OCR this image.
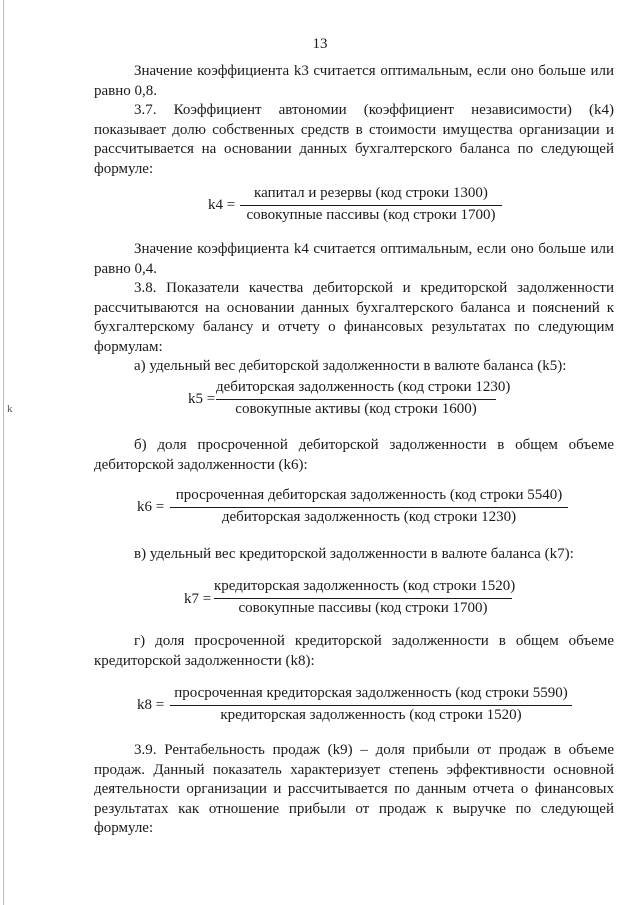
k
13

Значение коэффициента k3 считается оптимальным, если оно больше или равно 0,8.

3.7. Коэффициент автономии (коэффициент независимости) (k4) показывает долю собственных средств в стоимости имущества организации и рассчитывается на основании данных бухгалтерского баланса по следующей формуле:

k4 =
капитал и резервы (код строки 1300)
совокупные пассивы (код строки 1700)

Значение коэффициента k4 считается оптимальным, если оно больше или равно 0,4.

3.8. Показатели качества дебиторской и кредиторской задолженности рассчитываются на основании данных бухгалтерского баланса и пояснений к бухгалтерскому балансу и отчету о финансовых результатах по следующим формулам:

а) удельный вес дебиторской задолженности в валюте баланса (k5):

k5 =
дебиторская задолженность (код строки 1230)
совокупные активы (код строки 1600)

б) доля просроченной дебиторской задолженности в общем объеме дебиторской задолженности (k6):

k6 =
просроченная дебиторская задолженность (код строки 5540)
дебиторская задолженность (код строки 1230)

в) удельный вес кредиторской задолженности в валюте баланса (k7):

k7 =
кредиторская задолженность (код строки 1520)
совокупные пассивы (код строки 1700)

г) доля просроченной кредиторской задолженности в общем объеме кредиторской задолженности (k8):

k8 =
просроченная кредиторская задолженность (код строки 5590)
кредиторская задолженность (код строки 1520)

3.9. Рентабельность продаж (k9) – доля прибыли от продаж в объеме продаж. Данный показатель характеризует степень эффективности основной деятельности организации и рассчитывается по данным отчета о финансовых результатах как отношение прибыли от продаж к выручке по следующей формуле:
